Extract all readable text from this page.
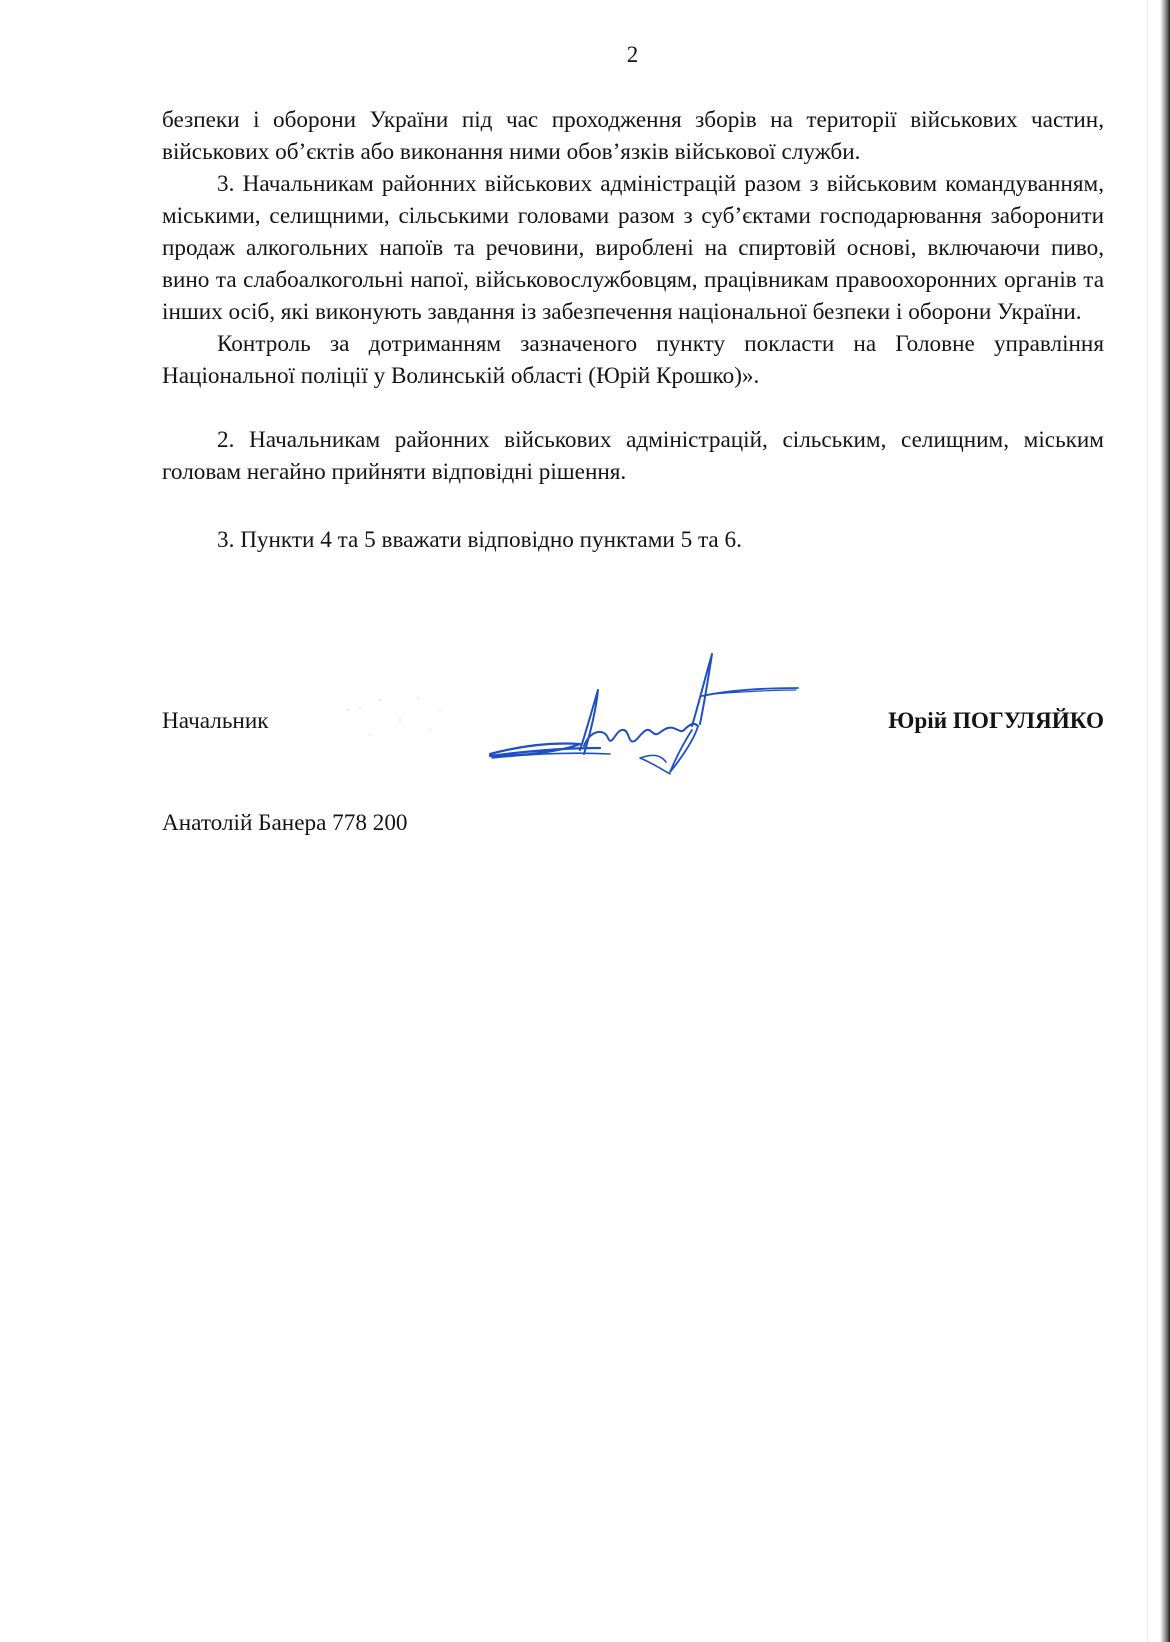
2

безпеки і оборони України під час проходження зборів на території військових частин, військових об’єктів або виконання ними обов’язків військової служби.

3. Начальникам районних військових адміністрацій разом з військовим командуванням, міськими, селищними, сільськими головами разом з суб’єктами господарювання заборонити продаж алкогольних напоїв та речовини, вироблені на спиртовій основі, включаючи пиво, вино та слабоалкогольні напої, військовослужбовцям, працівникам правоохоронних органів та інших осіб, які виконують завдання із забезпечення національної безпеки і оборони України.

Контроль за дотриманням зазначеного пункту покласти на Головне управління Національної поліції у Волинській області (Юрій Крошко)».

2. Начальникам районних військових адміністрацій, сільським, селищним, міським головам негайно прийняти відповідні рішення.

3. Пункти 4 та 5 вважати відповідно пунктами 5 та 6.

Начальник	Юрій ПОГУЛЯЙКО
Анатолій Банера 778 200
